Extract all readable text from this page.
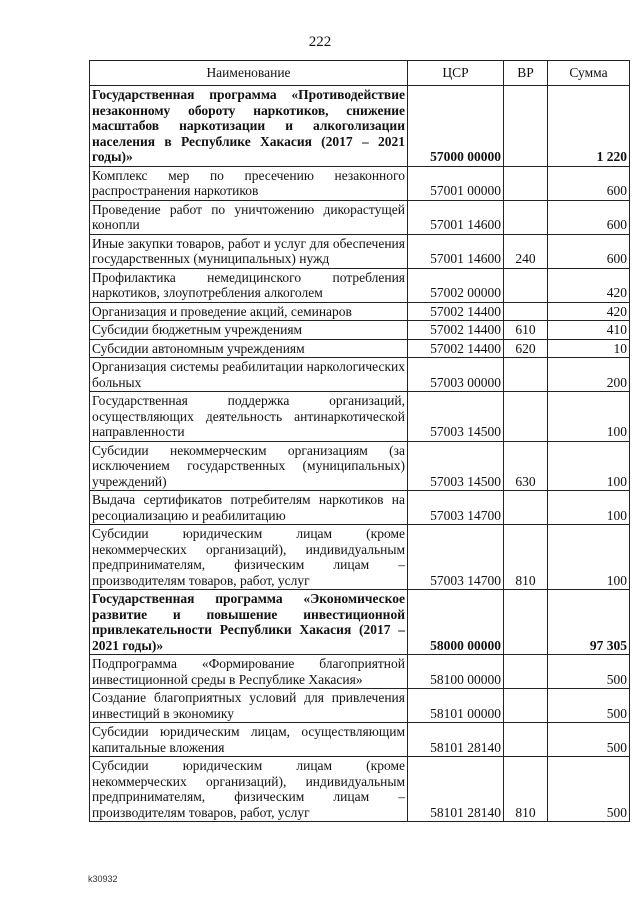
222
Наименование	ЦСР	ВР	Сумма
Государственная программа «Противодействие незаконному обороту наркотиков, снижение масштабов наркотизации и алкоголизации населения в Республике Хакасия (2017 – 2021 годы)»	57000 00000		1 220
Комплекс мер по пресечению незаконного распространения наркотиков	57001 00000		600
Проведение работ по уничтожению дикорастущей конопли	57001 14600		600
Иные закупки товаров, работ и услуг для обеспечения государственных (муниципальных) нужд	57001 14600	240	600
Профилактика немедицинского потребления наркотиков, злоупотребления алкоголем	57002 00000		420
Организация и проведение акций, семинаров	57002 14400		420
Субсидии бюджетным учреждениям	57002 14400	610	410
Субсидии автономным учреждениям	57002 14400	620	10
Организация системы реабилитации наркологических больных	57003 00000		200
Государственная поддержка организаций, осуществляющих деятельность антинаркотической направленности	57003 14500		100
Субсидии некоммерческим организациям (за исключением государственных (муниципальных) учреждений)	57003 14500	630	100
Выдача сертификатов потребителям наркотиков на ресоциализацию и реабилитацию	57003 14700		100
Субсидии юридическим лицам (кроме некоммерческих организаций), индивидуальным предпринимателям, физическим лицам – производителям товаров, работ, услуг	57003 14700	810	100
Государственная программа «Экономическое развитие и повышение инвестиционной привлекательности Республики Хакасия (2017 – 2021 годы)»	58000 00000		97 305
Подпрограмма «Формирование благоприятной инвестиционной среды в Республике Хакасия»	58100 00000		500
Создание благоприятных условий для привлечения инвестиций в экономику	58101 00000		500
Субсидии юридическим лицам, осуществляющим капитальные вложения	58101 28140		500
Субсидии юридическим лицам (кроме некоммерческих организаций), индивидуальным предпринимателям, физическим лицам – производителям товаров, работ, услуг	58101 28140	810	500
k30932
